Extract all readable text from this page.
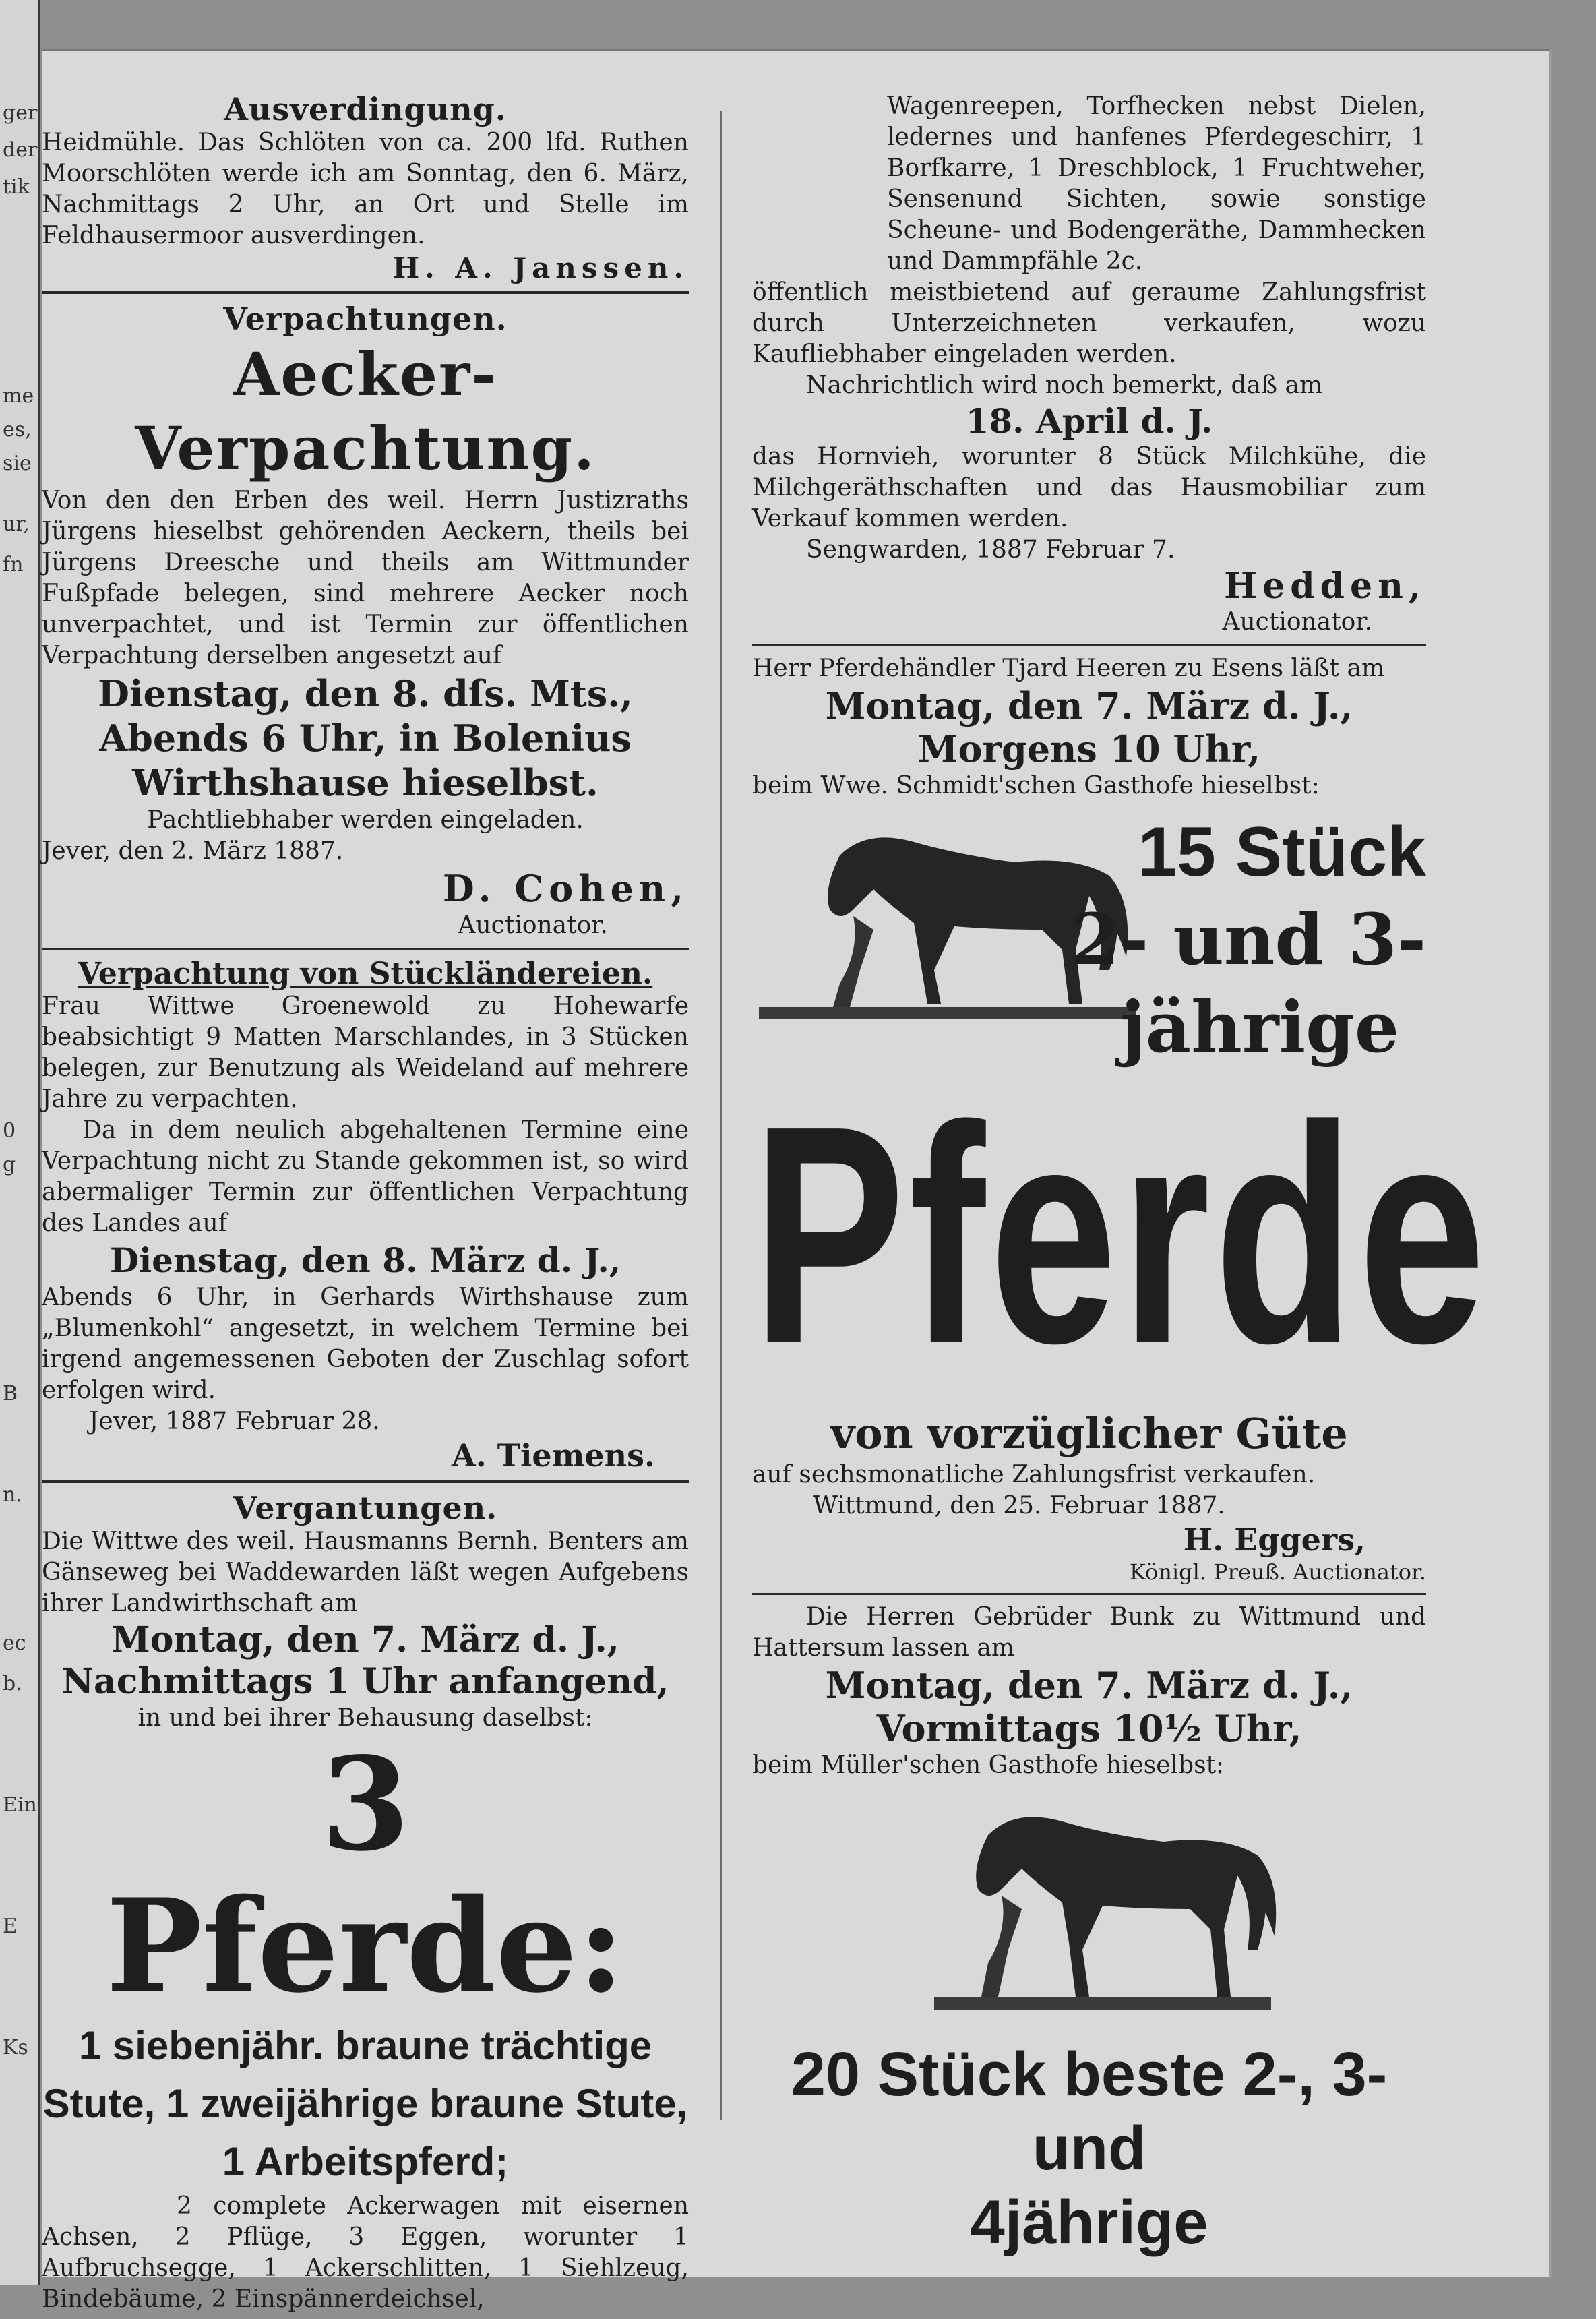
ger
der
tik
me
es,
sie
ur,
fn
0
g
B
n.
ec
b.
Ein
E
Ks
Ausverdingung.
Heidmühle. Das Schlöten von ca. 200 lfd. Ruthen Moorschlöten werde ich am Sonntag, den 6. März, Nachmittags 2 Uhr, an Ort und Stelle im Feldhausermoor ausverdingen.
H. A. Janssen.
Verpachtungen.
Aecker-Verpachtung.
Von den den Erben des weil. Herrn Justizraths Jürgens hieselbst gehörenden Aeckern, theils bei Jürgens Dreesche und theils am Wittmunder Fußpfade belegen, sind mehrere Aecker noch unverpachtet, und ist Termin zur öffentlichen Verpachtung derselben angesetzt auf
Dienstag, den 8. dſs. Mts., Abends 6 Uhr, in Bolenius Wirthshause hieselbst.
Pachtliebhaber werden eingeladen.
Jever, den 2. März 1887.
D. Cohen,
Auctionator.
Verpachtung von Stückländereien.
Frau Wittwe Groenewold zu Hohewarfe beabsichtigt 9 Matten Marschlandes, in 3 Stücken belegen, zur Benutzung als Weideland auf mehrere Jahre zu verpachten.
Da in dem neulich abgehaltenen Termine eine Verpachtung nicht zu Stande gekommen ist, so wird abermaliger Termin zur öffentlichen Verpachtung des Landes auf
Dienstag, den 8. März d. J.,
Abends 6 Uhr, in Gerhards Wirthshause zum „Blumenkohl“ angesetzt, in welchem Termine bei irgend angemessenen Geboten der Zuschlag sofort erfolgen wird.
Jever, 1887 Februar 28.
A. Tiemens.
Vergantungen.
Die Wittwe des weil. Hausmanns Bernh. Benters am Gänseweg bei Waddewarden läßt wegen Aufgebens ihrer Landwirthschaft am
Montag, den 7. März d. J.,
Nachmittags 1 Uhr anfangend,
in und bei ihrer Behausung daselbst:
3 Pferde:
1 siebenjähr. braune trächtige Stute, 1 zweijährige braune Stute, 1 Arbeitspferd;
2 complete Ackerwagen mit eisernen Achsen, 2 Pflüge, 3 Eggen, worunter 1 Aufbruchsegge, 1 Ackerschlitten, 1 Siehlzeug, Bindebäume, 2 Einspännerdeichsel,
Wagenreepen, Torfhecken nebst Dielen, ledernes und hanfenes Pferdegeschirr, 1 Borfkarre, 1 Dreschblock, 1 Fruchtweher, Sensenund Sichten, sowie sonstige Scheune- und Bodengeräthe, Dammhecken und Dammpfähle 2c.
öffentlich meistbietend auf geraume Zahlungsfrist durch Unterzeichneten verkaufen, wozu Kaufliebhaber eingeladen werden.
Nachrichtlich wird noch bemerkt, daß am
18. April d. J.
das Hornvieh, worunter 8 Stück Milchkühe, die Milchgeräthschaften und das Hausmobiliar zum Verkauf kommen werden.
Sengwarden, 1887 Februar 7.
Hedden,
Auctionator.
Herr Pferdehändler Tjard Heeren zu Esens läßt am
Montag, den 7. März d. J.,
Morgens 10 Uhr,
beim Wwe. Schmidt'schen Gasthofe hieselbst:
15 Stück
2- und 3-
jährige
Pferde
von vorzüglicher Güte
auf sechsmonatliche Zahlungsfrist verkaufen.
Wittmund, den 25. Februar 1887.
H. Eggers,
Königl. Preuß. Auctionator.
Die Herren Gebrüder Bunk zu Wittmund und Hattersum lassen am
Montag, den 7. März d. J.,
Vormittags 10½ Uhr,
beim Müller'schen Gasthofe hieselbst:
20 Stück beste 2-, 3- und
4jährige
